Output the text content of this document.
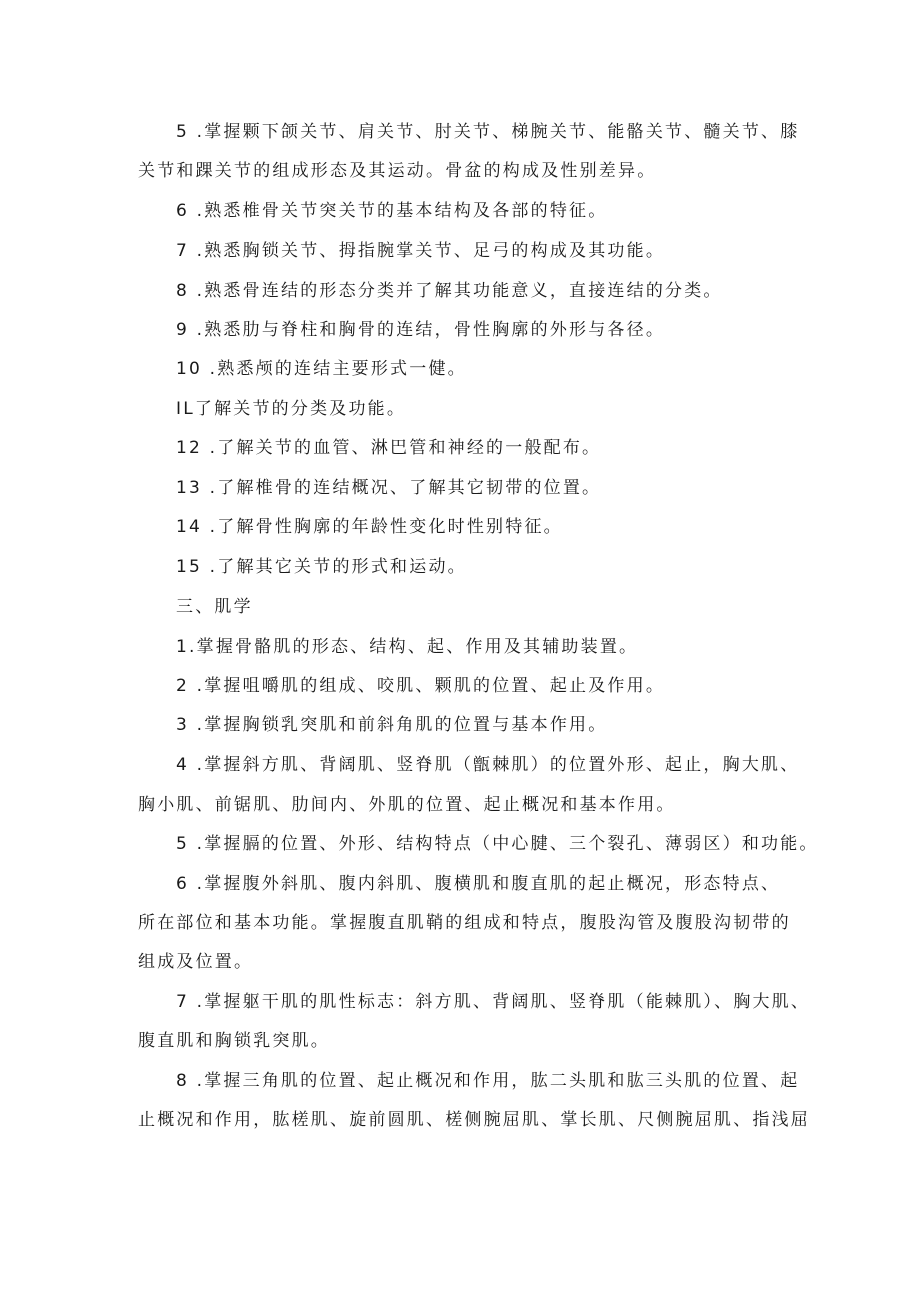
5 .掌握颗下颌关节、肩关节、肘关节、梯腕关节、能骼关节、髓关节、膝
关节和踝关节的组成形态及其运动。骨盆的构成及性别差异。
6 .熟悉椎骨关节突关节的基本结构及各部的特征。
7 .熟悉胸锁关节、拇指腕掌关节、足弓的构成及其功能。
8 .熟悉骨连结的形态分类并了解其功能意义，直接连结的分类。
9 .熟悉肋与脊柱和胸骨的连结，骨性胸廓的外形与各径。
10 .熟悉颅的连结主要形式一健。
IL了解关节的分类及功能。
12 .了解关节的血管、淋巴管和神经的一般配布。
13 .了解椎骨的连结概况、了解其它韧带的位置。
14 .了解骨性胸廓的年龄性变化时性别特征。
15 .了解其它关节的形式和运动。
三、肌学
1.掌握骨骼肌的形态、结构、起、作用及其辅助装置。
2 .掌握咀嚼肌的组成、咬肌、颗肌的位置、起止及作用。
3 .掌握胸锁乳突肌和前斜角肌的位置与基本作用。
4 .掌握斜方肌、背阔肌、竖脊肌（甑棘肌）的位置外形、起止，胸大肌、
胸小肌、前锯肌、肋间内、外肌的位置、起止概况和基本作用。
5 .掌握膈的位置、外形、结构特点（中心腱、三个裂孔、薄弱区）和功能。
6 .掌握腹外斜肌、腹内斜肌、腹横肌和腹直肌的起止概况，形态特点、
所在部位和基本功能。掌握腹直肌鞘的组成和特点，腹股沟管及腹股沟韧带的
组成及位置。
7 .掌握躯干肌的肌性标志：斜方肌、背阔肌、竖脊肌（能棘肌）、胸大肌、
腹直肌和胸锁乳突肌。
8 .掌握三角肌的位置、起止概况和作用，肱二头肌和肱三头肌的位置、起
止概况和作用，肱槎肌、旋前圆肌、槎侧腕屈肌、掌长肌、尺侧腕屈肌、指浅屈
